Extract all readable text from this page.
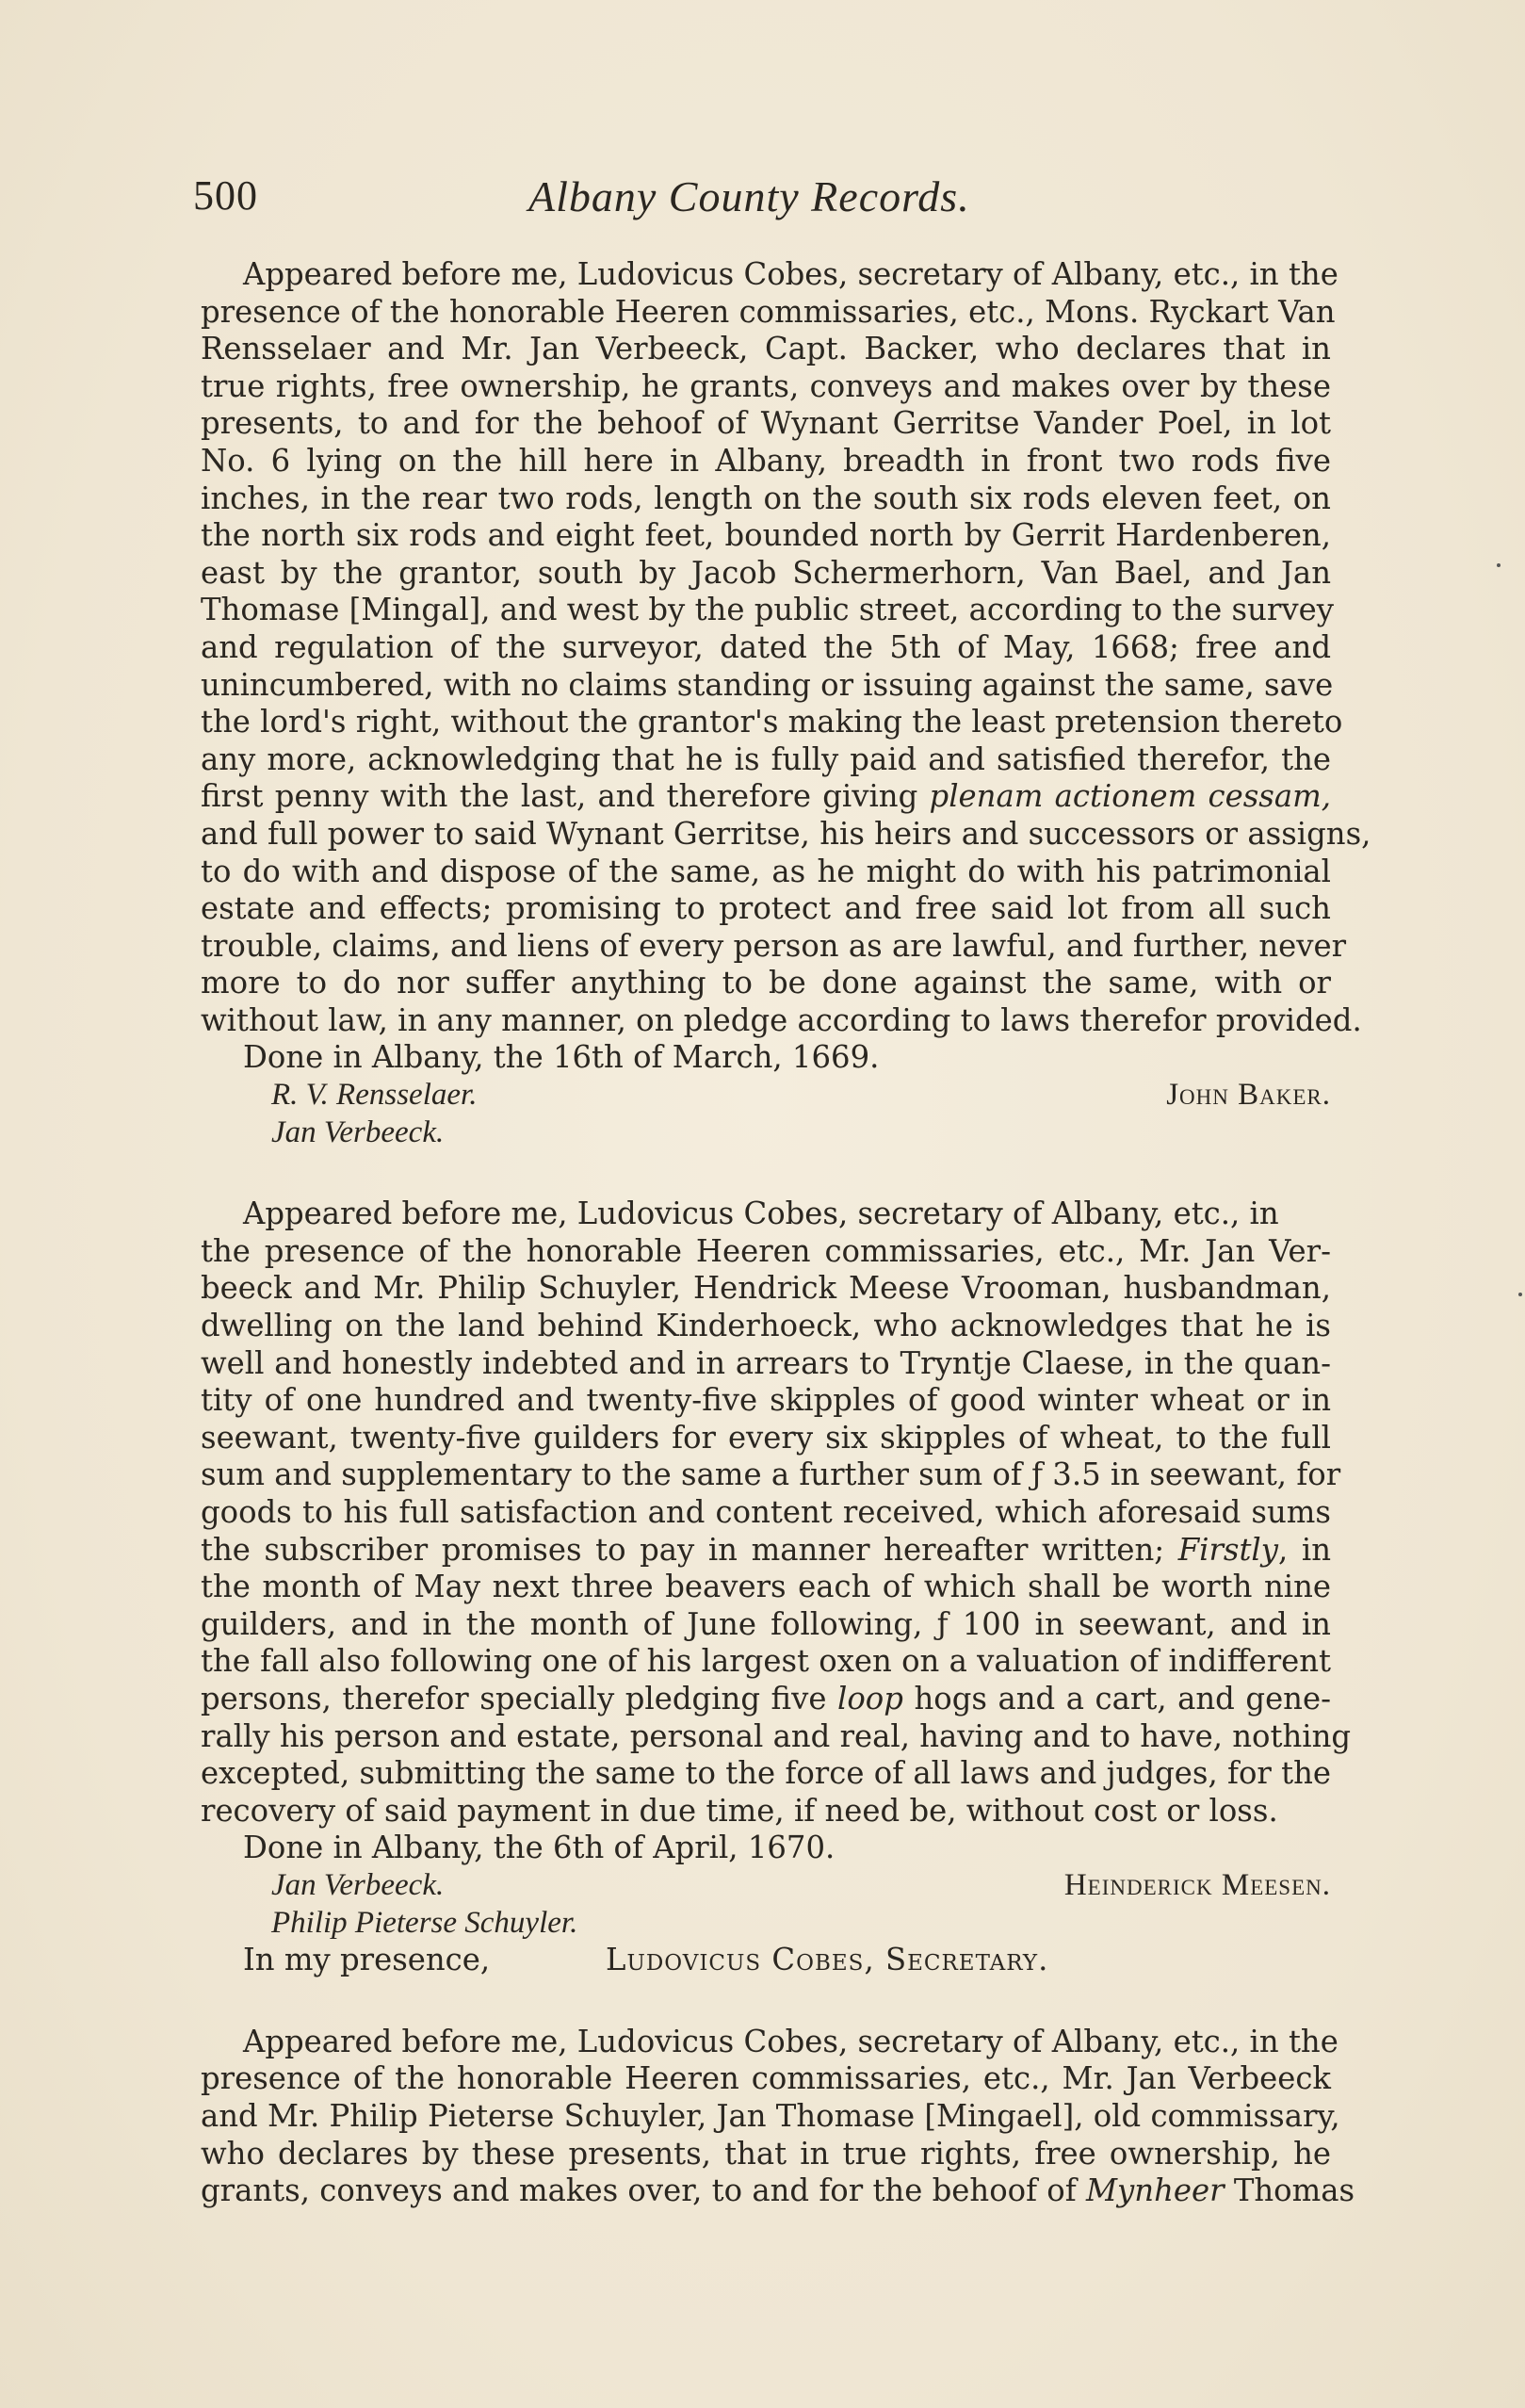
500	Albany County Records.
Appeared before me, Ludovicus Cobes, secretary of Albany, etc., in the
presence of the honorable Heeren commissaries, etc., Mons. Ryckart Van
Rensselaer and Mr. Jan Verbeeck, Capt. Backer, who declares that in
true rights, free ownership, he grants, conveys and makes over by these
presents, to and for the behoof of Wynant Gerritse Vander Poel, in lot
No. 6 lying on the hill here in Albany, breadth in front two rods five
inches, in the rear two rods, length on the south six rods eleven feet, on
the north six rods and eight feet, bounded north by Gerrit Hardenberen,
east by the grantor, south by Jacob Schermerhorn, Van Bael, and Jan
Thomase [Mingal], and west by the public street, according to the survey
and regulation of the surveyor, dated the 5th of May, 1668; free and
unincumbered, with no claims standing or issuing against the same, save
the lord's right, without the grantor's making the least pretension thereto
any more, acknowledging that he is fully paid and satisfied therefor, the
first penny with the last, and therefore giving plenam actionem cessam,
and full power to said Wynant Gerritse, his heirs and successors or assigns,
to do with and dispose of the same, as he might do with his patrimonial
estate and effects; promising to protect and free said lot from all such
trouble, claims, and liens of every person as are lawful, and further, never
more to do nor suffer anything to be done against the same, with or
without law, in any manner, on pledge according to laws therefor provided.
Done in Albany, the 16th of March, 1669.
R. V. Rensselaer.	John Baker.
Jan Verbeeck.
Appeared before me, Ludovicus Cobes, secretary of Albany, etc., in
the presence of the honorable Heeren commissaries, etc., Mr. Jan Ver-
beeck and Mr. Philip Schuyler, Hendrick Meese Vrooman, husbandman,
dwelling on the land behind Kinderhoeck, who acknowledges that he is
well and honestly indebted and in arrears to Tryntje Claese, in the quan-
tity of one hundred and twenty-five skipples of good winter wheat or in
seewant, twenty-five guilders for every six skipples of wheat, to the full
sum and supplementary to the same a further sum of ƒ 3.5 in seewant, for
goods to his full satisfaction and content received, which aforesaid sums
the subscriber promises to pay in manner hereafter written; Firstly, in
the month of May next three beavers each of which shall be worth nine
guilders, and in the month of June following, ƒ 100 in seewant, and in
the fall also following one of his largest oxen on a valuation of indifferent
persons, therefor specially pledging five loop hogs and a cart, and gene-
rally his person and estate, personal and real, having and to have, nothing
excepted, submitting the same to the force of all laws and judges, for the
recovery of said payment in due time, if need be, without cost or loss.
Done in Albany, the 6th of April, 1670.
Jan Verbeeck.	Heinderick Meesen.
Philip Pieterse Schuyler.
In my presence,	Ludovicus Cobes, Secretary.
Appeared before me, Ludovicus Cobes, secretary of Albany, etc., in the
presence of the honorable Heeren commissaries, etc., Mr. Jan Verbeeck
and Mr. Philip Pieterse Schuyler, Jan Thomase [Mingael], old commissary,
who declares by these presents, that in true rights, free ownership, he
grants, conveys and makes over, to and for the behoof of Mynheer Thomas
